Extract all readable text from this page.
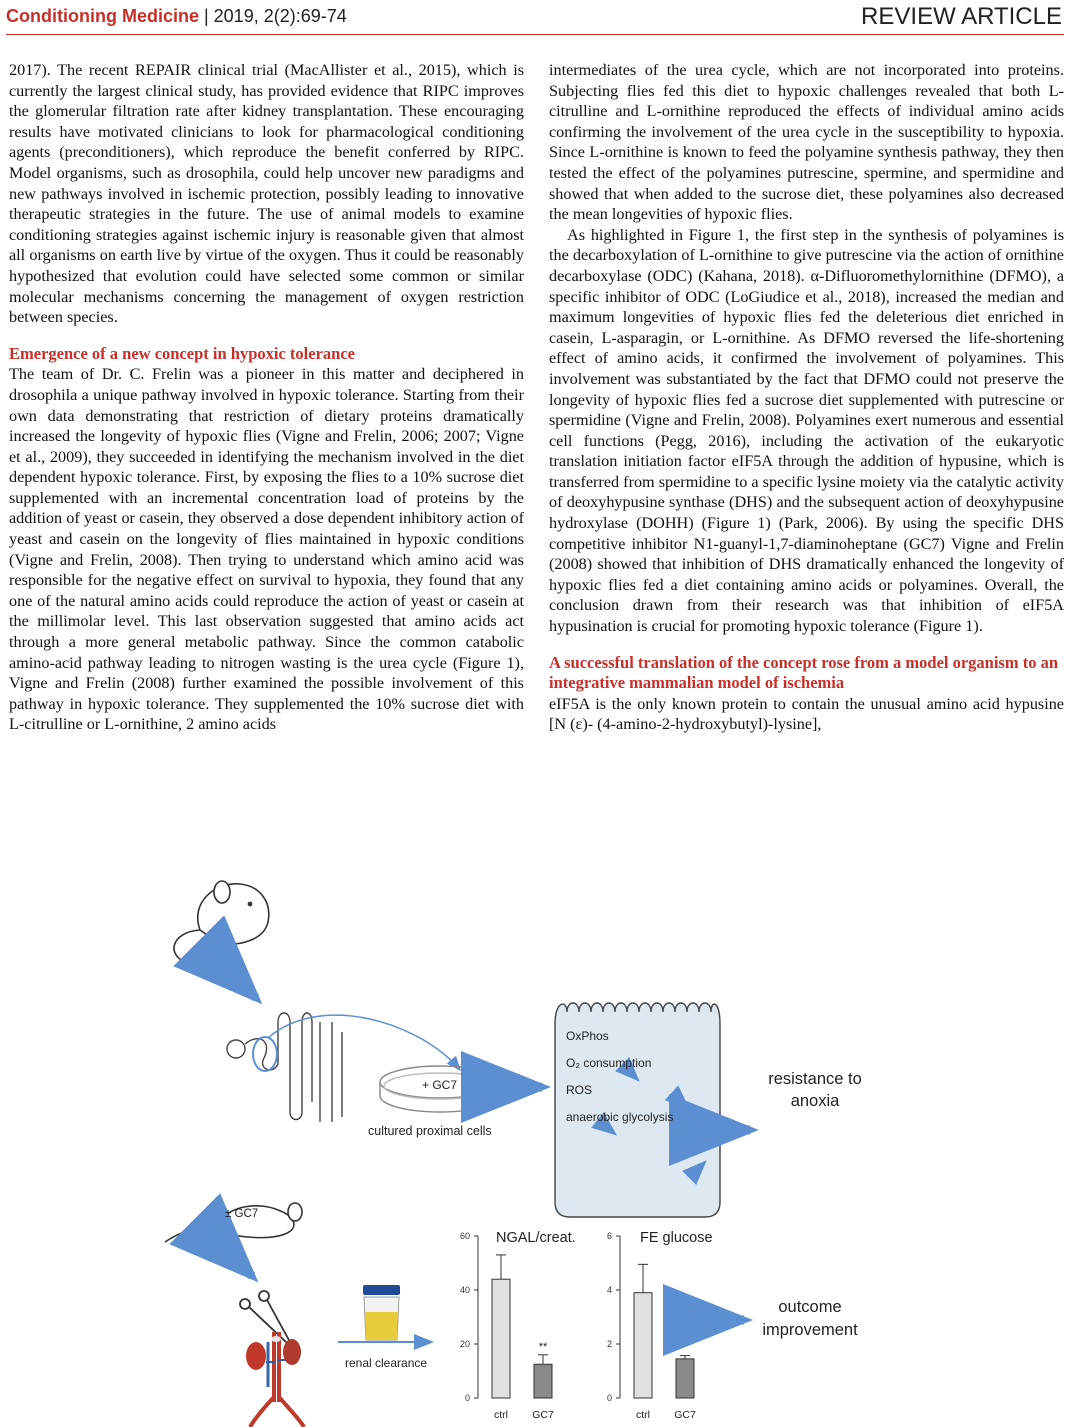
Conditioning Medicine | 2019, 2(2):69-74	REVIEW ARTICLE

2017). The recent REPAIR clinical trial (MacAllister et al., 2015), which is currently the largest clinical study, has provided evidence that RIPC improves the glomerular filtration rate after kidney transplantation. These encouraging results have motivated clinicians to look for pharmacological conditioning agents (preconditioners), which reproduce the benefit conferred by RIPC. Model organisms, such as drosophila, could help uncover new paradigms and new pathways involved in ischemic protection, possibly leading to innovative therapeutic strategies in the future. The use of animal models to examine conditioning strategies against ischemic injury is reasonable given that almost all organisms on earth live by virtue of the oxygen. Thus it could be reasonably hypothesized that evolution could have selected some common or similar molecular mechanisms concerning the management of oxygen restriction between species.

Emergence of a new concept in hypoxic tolerance

The team of Dr. C. Frelin was a pioneer in this matter and deciphered in drosophila a unique pathway involved in hypoxic tolerance. Starting from their own data demonstrating that restriction of dietary proteins dramatically increased the longevity of hypoxic flies (Vigne and Frelin, 2006; 2007; Vigne et al., 2009), they succeeded in identifying the mechanism involved in the diet dependent hypoxic tolerance. First, by exposing the flies to a 10% sucrose diet supplemented with an incremental concentration load of proteins by the addition of yeast or casein, they observed a dose dependent inhibitory action of yeast and casein on the longevity of flies maintained in hypoxic conditions (Vigne and Frelin, 2008). Then trying to understand which amino acid was responsible for the negative effect on survival to hypoxia, they found that any one of the natural amino acids could reproduce the action of yeast or casein at the millimolar level. This last observation suggested that amino acids act through a more general metabolic pathway. Since the common catabolic amino-acid pathway leading to nitrogen wasting is the urea cycle (Figure 1), Vigne and Frelin (2008) further examined the possible involvement of this pathway in hypoxic tolerance. They supplemented the 10% sucrose diet with L-citrulline or L-ornithine, 2 amino acids

intermediates of the urea cycle, which are not incorporated into proteins. Subjecting flies fed this diet to hypoxic challenges revealed that both L-citrulline and L-ornithine reproduced the effects of individual amino acids confirming the involvement of the urea cycle in the susceptibility to hypoxia. Since L-ornithine is known to feed the polyamine synthesis pathway, they then tested the effect of the polyamines putrescine, spermine, and spermidine and showed that when added to the sucrose diet, these polyamines also decreased the mean longevities of hypoxic flies.

As highlighted in Figure 1, the first step in the synthesis of polyamines is the decarboxylation of L-ornithine to give putrescine via the action of ornithine decarboxylase (ODC) (Kahana, 2018). α-Difluoromethylornithine (DFMO), a specific inhibitor of ODC (LoGiudice et al., 2018), increased the median and maximum longevities of hypoxic flies fed the deleterious diet enriched in casein, L-asparagin, or L-ornithine. As DFMO reversed the life-shortening effect of amino acids, it confirmed the involvement of polyamines. This involvement was substantiated by the fact that DFMO could not preserve the longevity of hypoxic flies fed a sucrose diet supplemented with putrescine or spermidine (Vigne and Frelin, 2008). Polyamines exert numerous and essential cell functions (Pegg, 2016), including the activation of the eukaryotic translation initiation factor eIF5A through the addition of hypusine, which is transferred from spermidine to a specific lysine moiety via the catalytic activity of deoxyhypusine synthase (DHS) and the subsequent action of deoxyhypusine hydroxylase (DOHH) (Figure 1) (Park, 2006). By using the specific DHS competitive inhibitor N1-guanyl-1,7-diaminoheptane (GC7) Vigne and Frelin (2008) showed that inhibition of DHS dramatically enhanced the longevity of hypoxic flies fed a diet containing amino acids or polyamines. Overall, the conclusion drawn from their research was that inhibition of eIF5A hypusination is crucial for promoting hypoxic tolerance (Figure 1).

A successful translation of the concept rose from a model organism to an integrative mammalian model of ischemia

eIF5A is the only known protein to contain the unusual amino acid hypusine [N (ε)- (4-amino-2-hydroxybutyl)-lysine],

0
20
40
60 NGAL/creat.
ctrl GC7
**
0
2
4
6 FE glucose
ctrl GC7
*
+ GC7
cultured proximal cells
OxPhos
O₂ consumption
ROS
anaerobic glycolysis
resistance to
anoxia
± GC7
renal clearance
outcome
improvement
